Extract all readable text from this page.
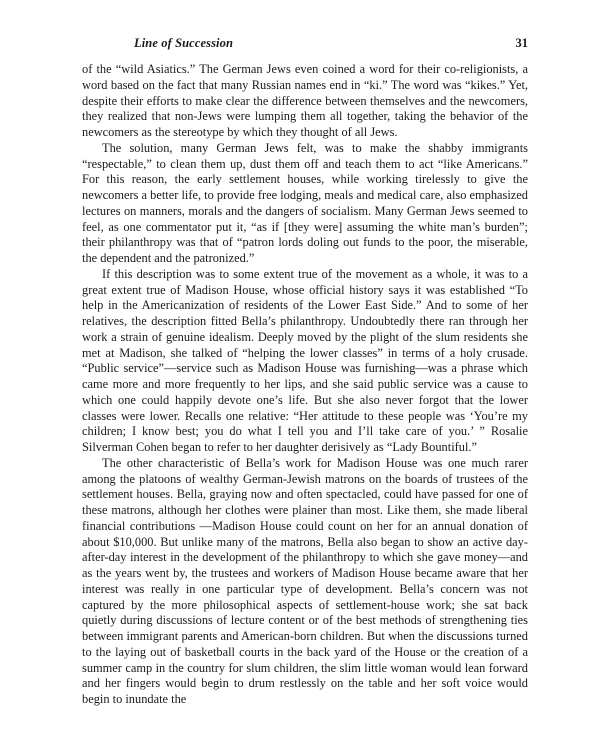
Line of Succession	31

of the “wild Asiatics.” The German Jews even coined a word for their co-religionists, a word based on the fact that many Russian names end in “ki.” The word was “kikes.” Yet, despite their efforts to make clear the difference between themselves and the newcomers, they realized that non-Jews were lumping them all together, taking the behavior of the newcomers as the stereotype by which they thought of all Jews.

The solution, many German Jews felt, was to make the shabby immigrants “respectable,” to clean them up, dust them off and teach them to act “like Americans.” For this reason, the early settlement houses, while working tirelessly to give the newcomers a better life, to provide free lodging, meals and medical care, also emphasized lectures on manners, morals and the dangers of socialism. Many German Jews seemed to feel, as one commentator put it, “as if [they were] assuming the white man’s burden”; their philanthropy was that of “patron lords doling out funds to the poor, the miserable, the dependent and the patronized.”

If this description was to some extent true of the movement as a whole, it was to a great extent true of Madison House, whose official history says it was established “To help in the Americanization of residents of the Lower East Side.” And to some of her relatives, the description fitted Bella’s philanthropy. Undoubtedly there ran through her work a strain of genuine idealism. Deeply moved by the plight of the slum residents she met at Madison, she talked of “helping the lower classes” in terms of a holy crusade. “Public service”—service such as Madison House was furnishing—was a phrase which came more and more frequently to her lips, and she said public service was a cause to which one could happily devote one’s life. But she also never forgot that the lower classes were lower. Recalls one relative: “Her attitude to these people was ‘You’re my children; I know best; you do what I tell you and I’ll take care of you.’ ” Rosalie Silverman Cohen began to refer to her daughter derisively as “Lady Bountiful.”

The other characteristic of Bella’s work for Madison House was one much rarer among the platoons of wealthy German-Jewish matrons on the boards of trustees of the settlement houses. Bella, graying now and often spectacled, could have passed for one of these matrons, although her clothes were plainer than most. Like them, she made liberal financial contributions —Madison House could count on her for an annual donation of about $10,000. But unlike many of the matrons, Bella also began to show an active day-after-day interest in the development of the philanthropy to which she gave money—and as the years went by, the trustees and workers of Madison House became aware that her interest was really in one particular type of development. Bella’s concern was not captured by the more philosophical aspects of settlement-house work; she sat back quietly during discussions of lecture content or of the best methods of strengthening ties between immigrant parents and American-born children. But when the discussions turned to the laying out of basketball courts in the back yard of the House or the creation of a summer camp in the country for slum children, the slim little woman would lean forward and her fingers would begin to drum restlessly on the table and her soft voice would begin to inundate the
